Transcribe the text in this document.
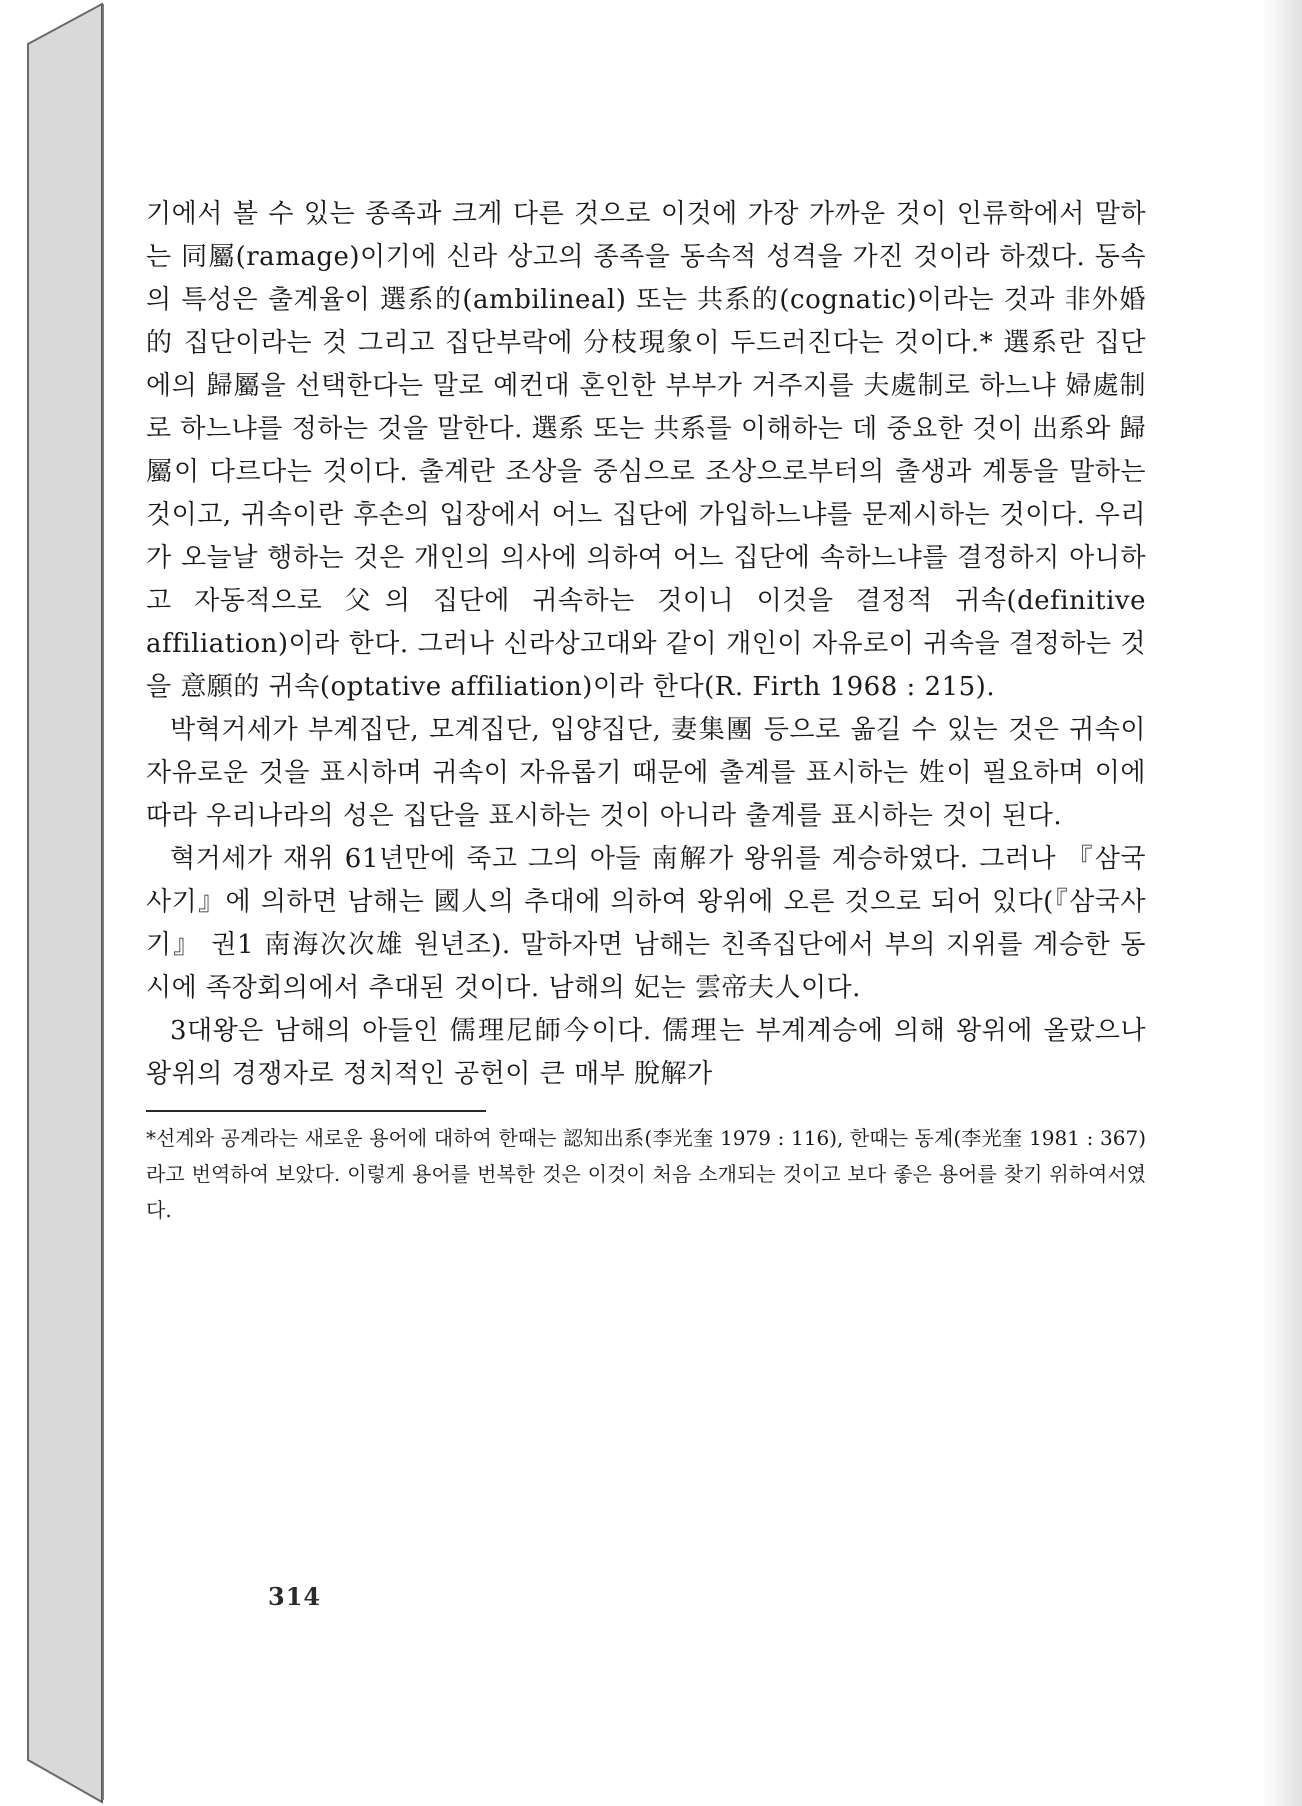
기에서 볼 수 있는 종족과 크게 다른 것으로 이것에 가장 가까운 것이 인류학에서 말하는 同屬(ramage)이기에 신라 상고의 종족을 동속적 성격을 가진 것이라 하겠다. 동속의 특성은 출계율이 選系的(ambilineal) 또는 共系的(cognatic)이라는 것과 非外婚的 집단이라는 것 그리고 집단부락에 分枝現象이 두드러진다는 것이다.* 選系란 집단에의 歸屬을 선택한다는 말로 예컨대 혼인한 부부가 거주지를 夫處制로 하느냐 婦處制로 하느냐를 정하는 것을 말한다. 選系 또는 共系를 이해하는 데 중요한 것이 出系와 歸屬이 다르다는 것이다. 출계란 조상을 중심으로 조상으로부터의 출생과 계통을 말하는 것이고, 귀속이란 후손의 입장에서 어느 집단에 가입하느냐를 문제시하는 것이다. 우리가 오늘날 행하는 것은 개인의 의사에 의하여 어느 집단에 속하느냐를 결정하지 아니하고 자동적으로 父의 집단에 귀속하는 것이니 이것을 결정적 귀속(definitive affiliation)이라 한다. 그러나 신라상고대와 같이 개인이 자유로이 귀속을 결정하는 것을 意願的 귀속(optative affiliation)이라 한다(R. Firth 1968 : 215).

박혁거세가 부계집단, 모계집단, 입양집단, 妻集團 등으로 옮길 수 있는 것은 귀속이 자유로운 것을 표시하며 귀속이 자유롭기 때문에 출계를 표시하는 姓이 필요하며 이에 따라 우리나라의 성은 집단을 표시하는 것이 아니라 출계를 표시하는 것이 된다.

혁거세가 재위 61년만에 죽고 그의 아들 南解가 왕위를 계승하였다. 그러나 『삼국사기』에 의하면 남해는 國人의 추대에 의하여 왕위에 오른 것으로 되어 있다(『삼국사기』 권1 南海次次雄 원년조). 말하자면 남해는 친족집단에서 부의 지위를 계승한 동시에 족장회의에서 추대된 것이다. 남해의 妃는 雲帝夫人이다.

3대왕은 남해의 아들인 儒理尼師今이다. 儒理는 부계계승에 의해 왕위에 올랐으나 왕위의 경쟁자로 정치적인 공헌이 큰 매부 脫解가

*선계와 공계라는 새로운 용어에 대하여 한때는 認知出系(李光奎 1979 : 116), 한때는 동계(李光奎 1981 : 367)라고 번역하여 보았다. 이렇게 용어를 번복한 것은 이것이 처음 소개되는 것이고 보다 좋은 용어를 찾기 위하여서였다.

314
